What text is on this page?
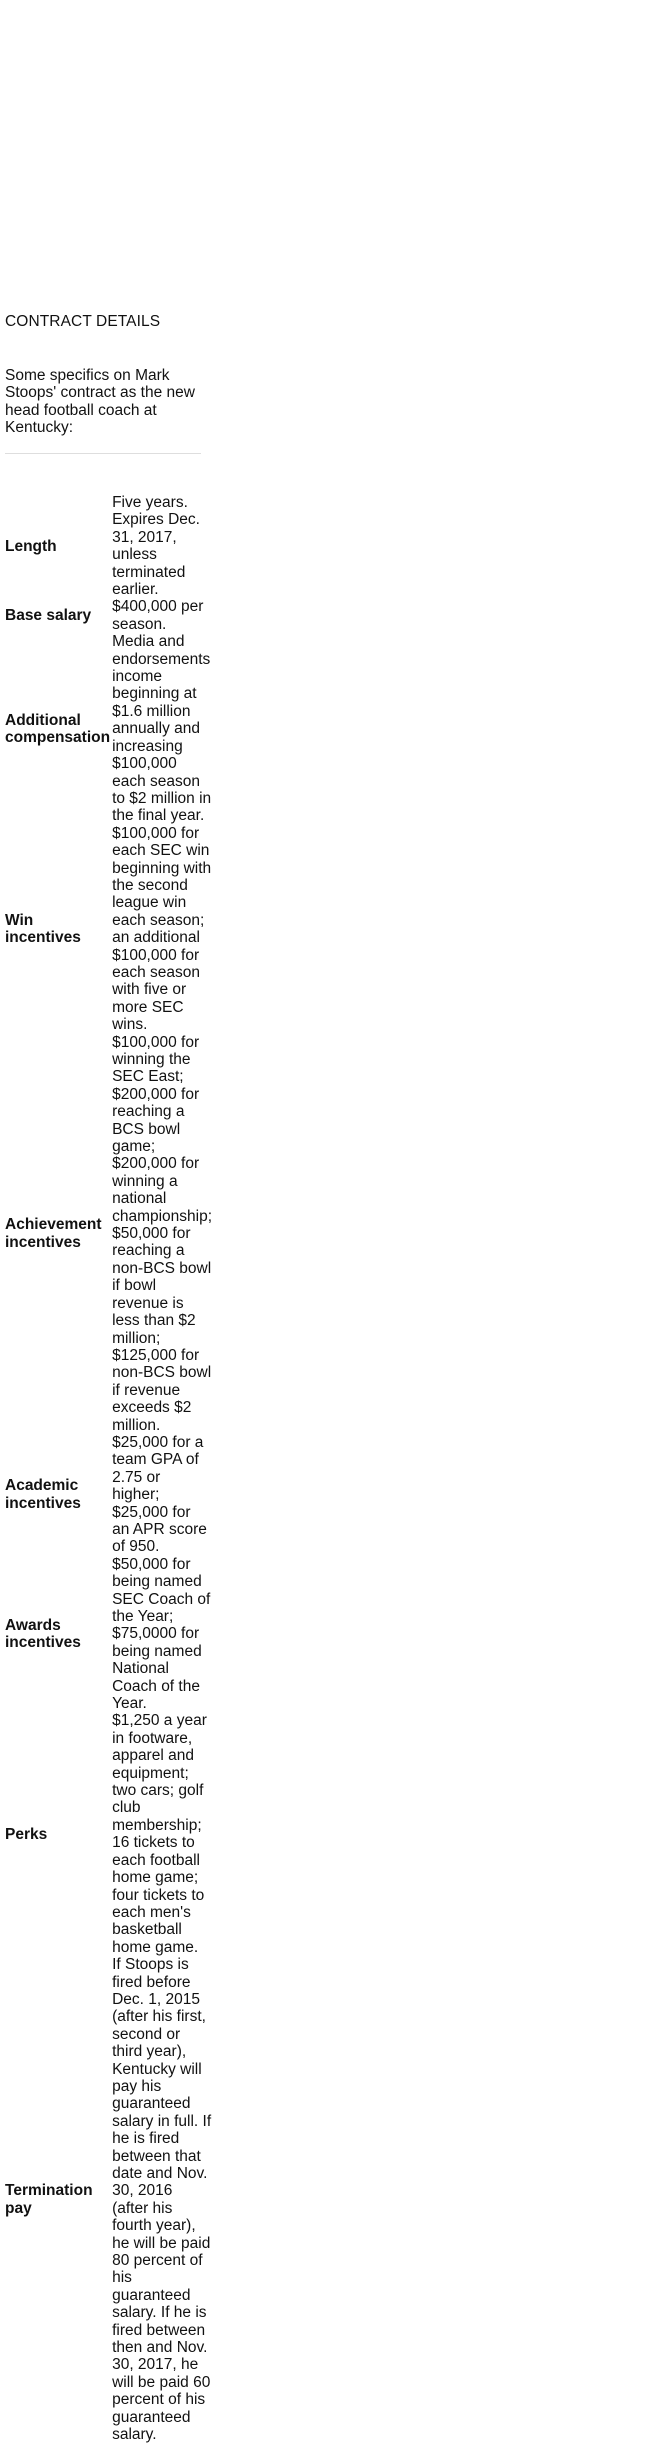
CONTRACT DETAILS
Some specifics on Mark Stoops' contract as the new head football coach at Kentucky:
Length	Five years. Expires Dec. 31, 2017, unless terminated earlier.
Base salary	$400,000 per season.
Additional compensation	Media and endorsements income beginning at $1.6 million annually and increasing $100,000 each season to $2 million in the final year.
Win incentives	$100,000 for each SEC win beginning with the second league win each season; an additional $100,000 for each season with five or more SEC wins.
Achievement incentives	$100,000 for winning the SEC East; $200,000 for reaching a BCS bowl game; $200,000 for winning a national championship; $50,000 for reaching a non-BCS bowl if bowl revenue is less than $2 million; $125,000 for non-BCS bowl if revenue exceeds $2 million.
Academic incentives	$25,000 for a team GPA of 2.75 or higher; $25,000 for an APR score of 950.
Awards incentives	$50,000 for being named SEC Coach of the Year; $75,0000 for being named National Coach of the Year.
Perks	$1,250 a year in footware, apparel and equipment; two cars; golf club membership; 16 tickets to each football home game; four tickets to each men's basketball home game.
Termination pay	If Stoops is fired before Dec. 1, 2015 (after his first, second or third year), Kentucky will pay his guaranteed salary in full. If he is fired between that date and Nov. 30, 2016 (after his fourth year), he will be paid 80 percent of his guaranteed salary. If he is fired between then and Nov. 30, 2017, he will be paid 60 percent of his guaranteed salary.
